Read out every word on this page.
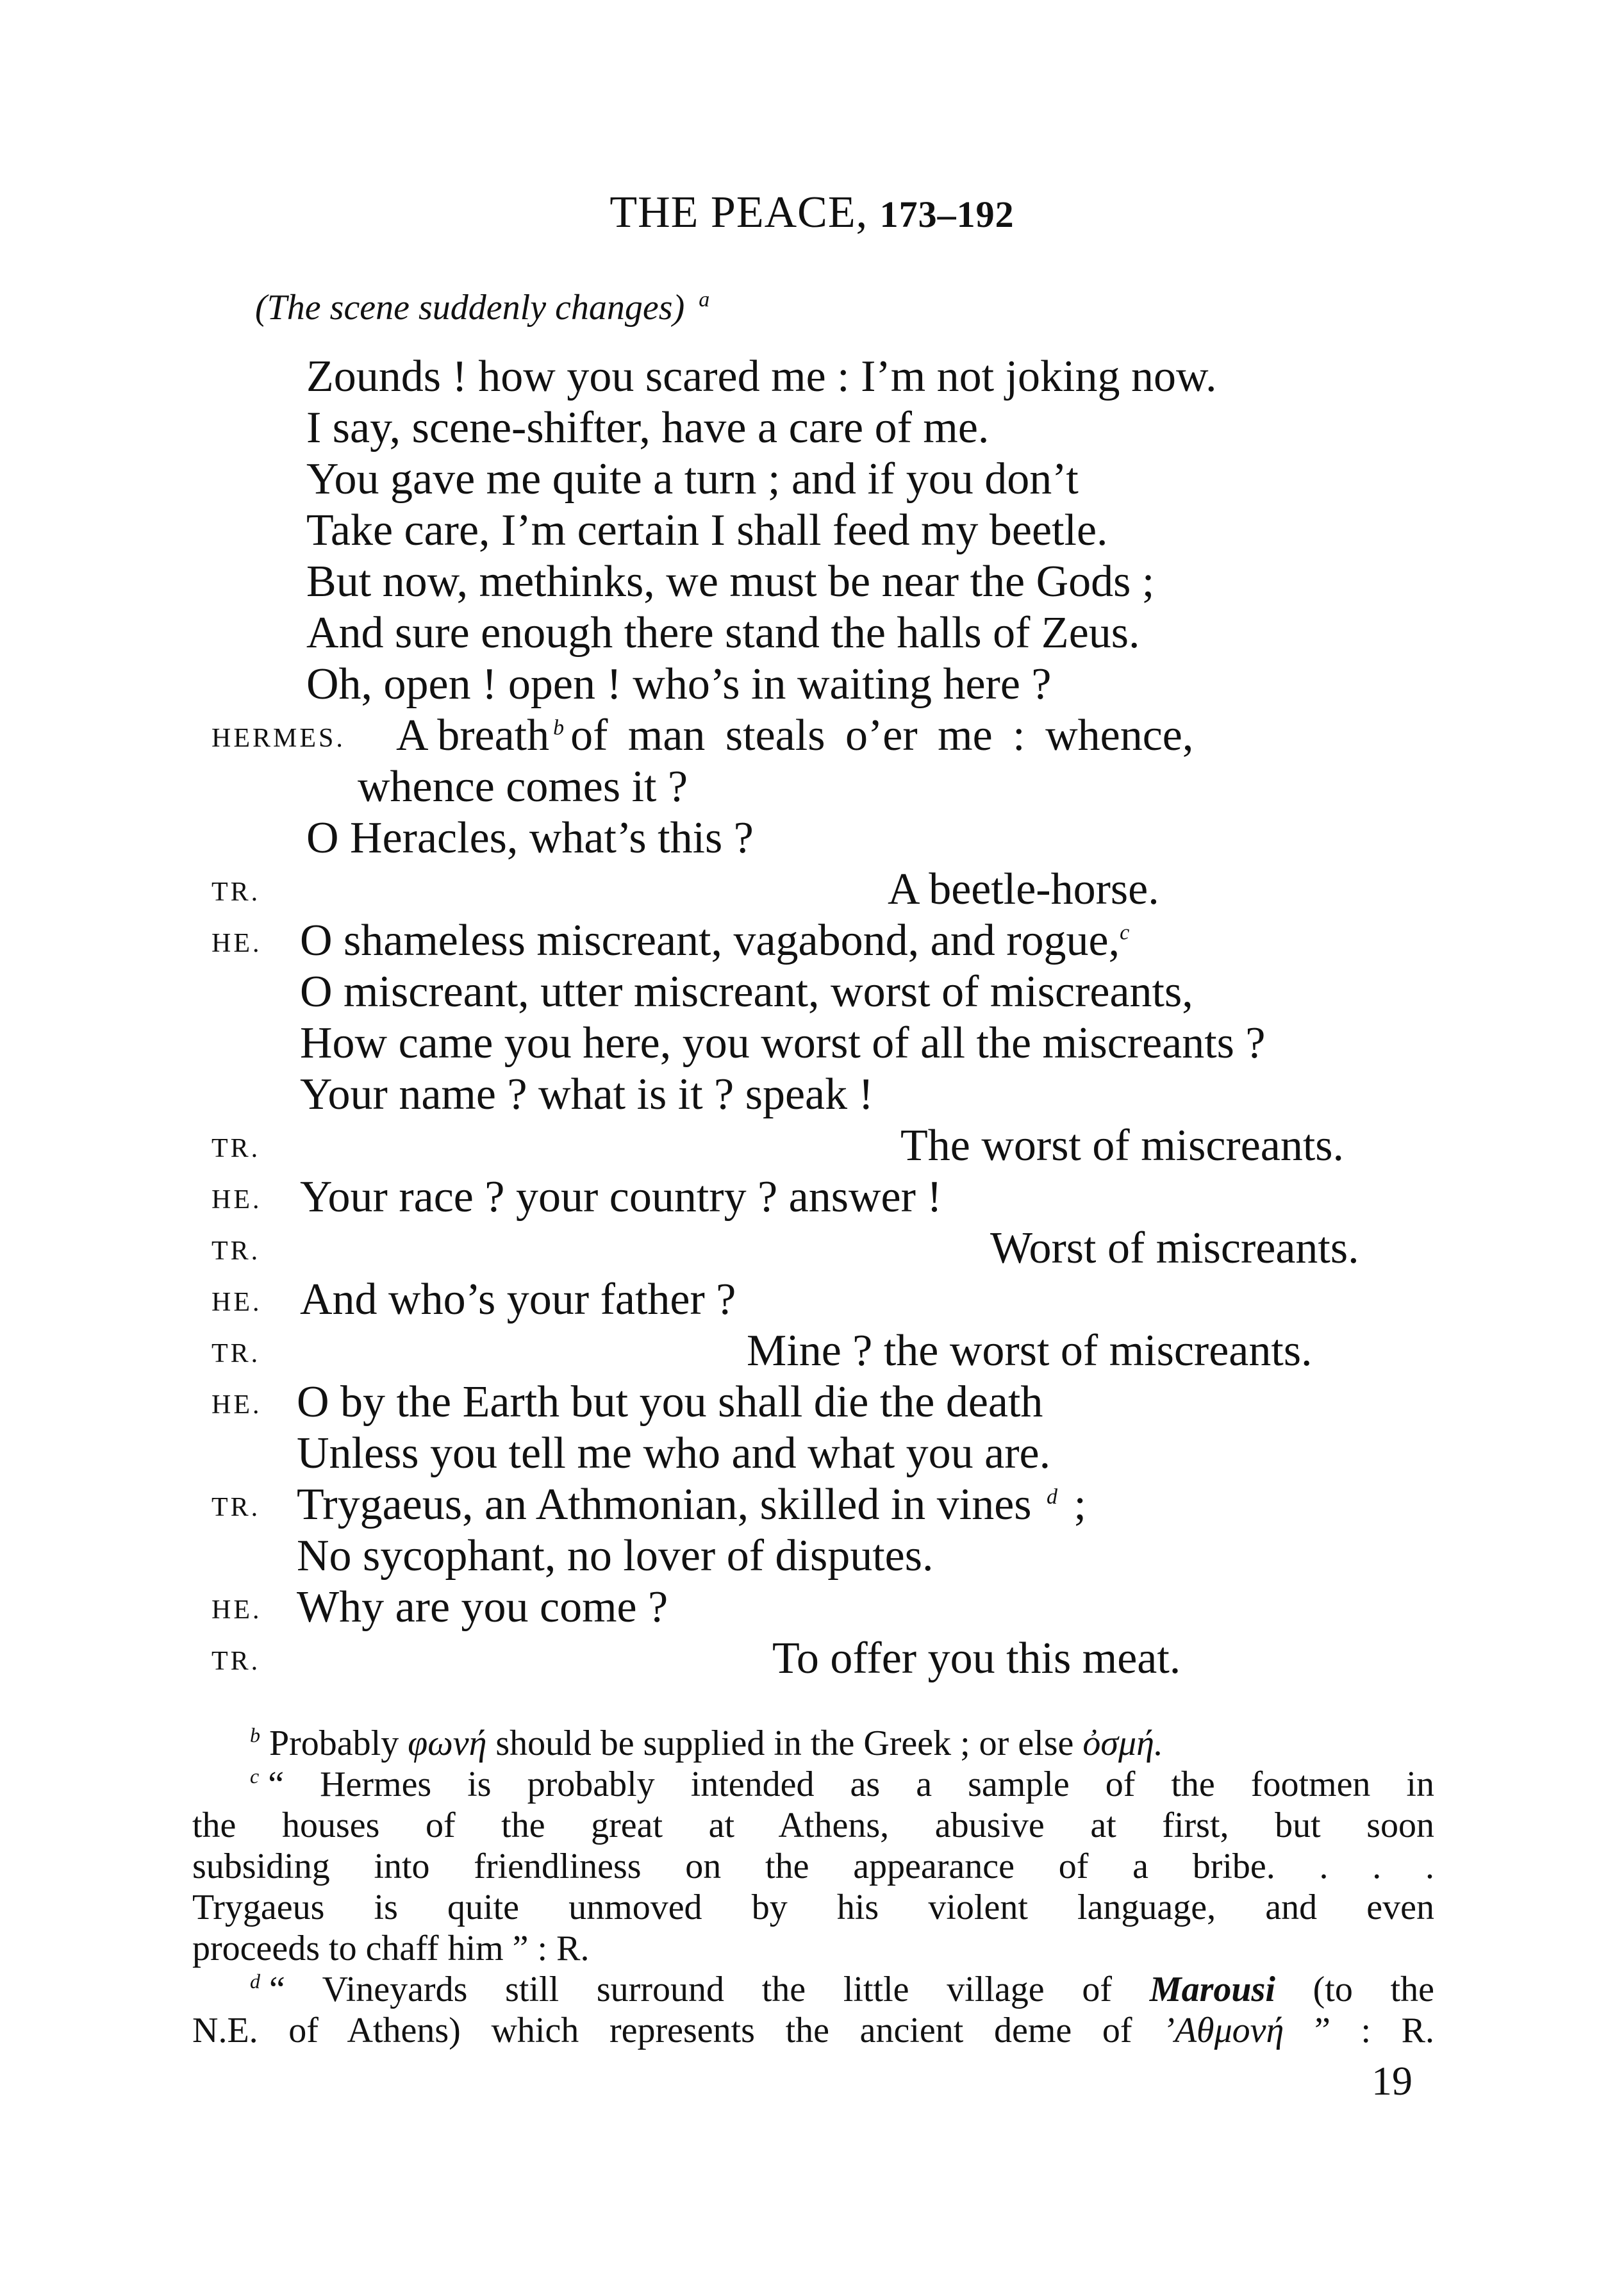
THE PEACE, 173–192
(The scene suddenly changes) $^a$
Zounds ! how you scared me : I’m not joking now.
I say, scene-shifter, have a care of me.
You gave me quite a turn ; and if you don’t
Take care, I’m certain I shall feed my beetle.
But now, methinks, we must be near the Gods ;
And sure enough there stand the halls of Zeus.
Oh, open ! open ! who’s in waiting here ?
HERMES. A breath $^b$ of man steals o’er me : whence,
whence comes it ?
O Heracles, what’s this ?
TR.	A beetle-horse.
HE. O shameless miscreant, vagabond, and rogue,$^c$
O miscreant, utter miscreant, worst of miscreants,
How came you here, you worst of all the miscreants ?
Your name ? what is it ? speak !
TR.	The worst of miscreants.
HE. Your race ? your country ? answer !
TR.	Worst of miscreants.
HE. And who’s your father ?
TR.	Mine ? the worst of miscreants.
HE. O by the Earth but you shall die the death
Unless you tell me who and what you are.
TR. Trygaeus, an Athmonian, skilled in vines $^d$ ;
No sycophant, no lover of disputes.
HE. Why are you come ?
TR.	To offer you this meat.
$^b$ Probably φωνή should be supplied in the Greek ; or else ὀσμή.
$^c$ “ Hermes is probably intended as a sample of the footmen in
the houses of the great at Athens, abusive at first, but soon
subsiding into friendliness on the appearance of a bribe. . . .
Trygaeus is quite unmoved by his violent language, and even
proceeds to chaff him ” : R.
$^d$ “ Vineyards still surround the little village of Marousi (to the
N.E. of Athens) which represents the ancient deme of ’Αθμονή ” : R.
19
